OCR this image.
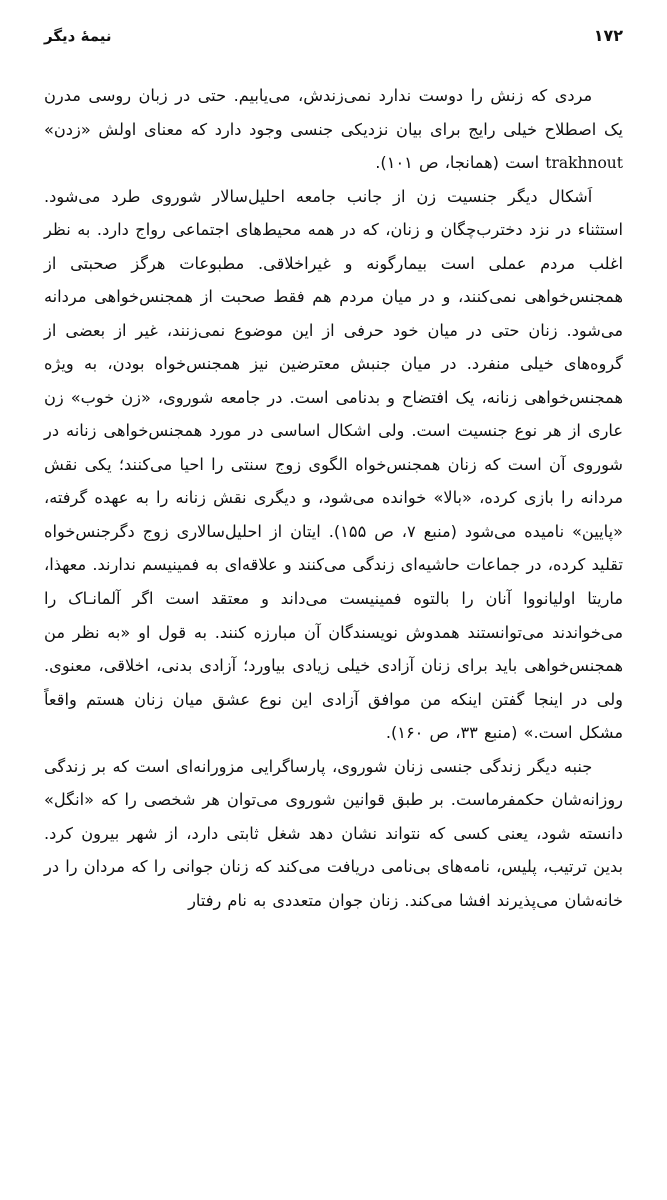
۱۷۲
نیمهٔ دیگر

مردی که زنش را دوست ندارد نمی‌زندش، می‌یابیم. حتی در زبان روسی مدرن یک اصطلاح خیلی رایج برای بیان نزدیکی جنسی وجود دارد که معنای اولش «زدن» trakhnout است (همانجا، ص ۱۰۱).

اَشکال دیگر جنسیت زن از جانب جامعه احلیل‌سالار شوروی طرد می‌شود. استثناء در نزد دخترب‌چگان و زنان، که در همه محیط‌های اجتماعی رواج دارد. به نظر اغلب مردم عملی است بیمارگونه و غیراخلاقی. مطبوعات هرگز صحبتی از همجنس‌خواهی نمی‌کنند، و در میان مردم هم فقط صحبت از همجنس‌خواهی مردانه می‌شود. زنان حتی در میان خود حرفی از این موضوع نمی‌زنند، غیر از بعضی از گروه‌های خیلی منفرد. در میان جنبش معترضین نیز همجنس‌خواه بودن، به ویژه همجنس‌خواهی زنانه، یک افتضاح و بدنامی است. در جامعه شوروی، «زن خوب» زن عاری از هر نوع جنسیت است. ولی اشکال اساسی در مورد همجنس‌خواهی زنانه در شوروی آن است که زنان همجنس‌خواه الگوی زوج سنتی را احیا می‌کنند؛ یکی نقش مردانه را بازی کرده، «بالا» خوانده می‌شود، و دیگری نقش زنانه را به عهده گرفته، «پایین» نامیده می‌شود (منبع ۷، ص ۱۵۵). ایتان از احلیل‌سالاری زوج دگرجنس‌خواه تقلید کرده، در جماعات حاشیه‌ای زندگی می‌کنند و علاقه‌ای به فمینیسم ندارند. معهذا، ماریتا اولیانووا آنان را بالتوه فمینیست می‌داند و معتقد است اگر آلمانـاک را می‌خواندند می‌توانستند همدوش نویسندگان آن مبارزه کنند. به قول او «به نظر من همجنس‌خواهی باید برای زنان آزادی خیلی زیادی بیاورد؛ آزادی بدنی، اخلاقی، معنوی. ولی در اینجا گفتن اینکه من موافق آزادی این نوع عشق میان زنان هستم واقعاً مشکل است.» (منبع ۳۳، ص ۱۶۰).

جنبه دیگر زندگی جنسی زنان شوروی، پارساگرایی مزورانه‌ای است که بر زندگی روزانه‌شان حکمفرماست. بر طبق قوانین شوروی می‌توان هر شخصی را که «انگل» دانسته شود، یعنی کسی که نتواند نشان دهد شغل ثابتی دارد، از شهر بیرون کرد. بدین ترتیب، پلیس، نامه‌های بی‌نامی دریافت می‌کند که زنان جوانی را که مردان را در خانه‌شان می‌پذیرند افشا می‌کند. زنان جوان متعددی به نام رفتار
